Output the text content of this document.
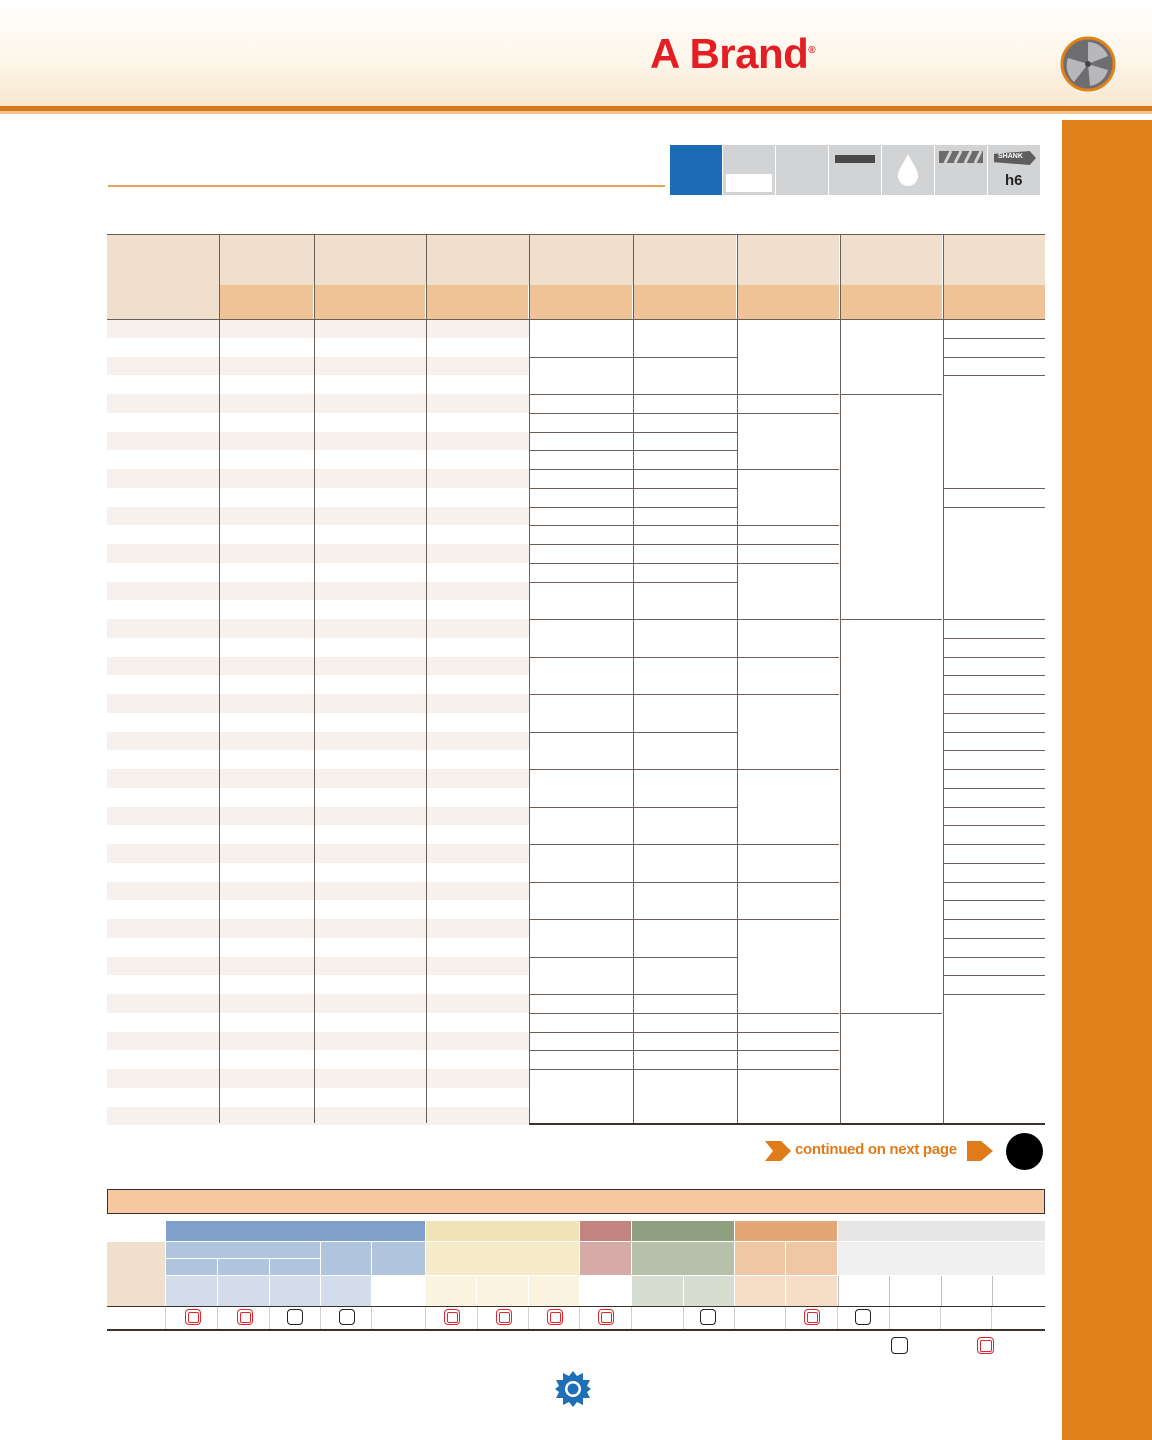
A Brand®
SHANK
h6
continued on next page
